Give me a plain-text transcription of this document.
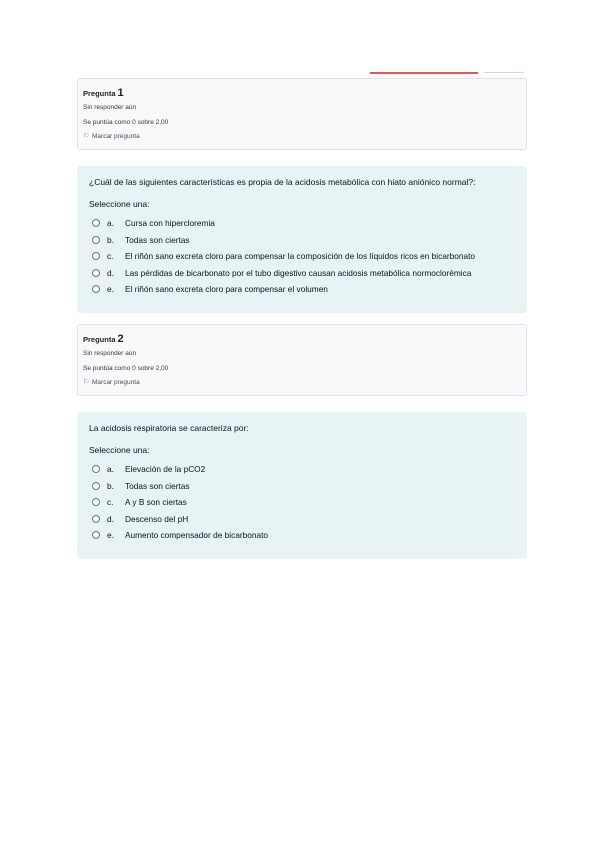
Pregunta 1
Sin responder aún
Se puntúa como 0 sobre 2,00
⚐ Marcar pregunta
¿Cuál de las siguientes características es propia de la acidosis metabólica con hiato aniónico normal?:
Seleccione una:
a.	Cursa con hipercloremia
b.	Todas son ciertas
c.	El riñón sano excreta cloro para compensar la composición de los líquidos ricos en bicarbonato
d.	Las pérdidas de bicarbonato por el tubo digestivo causan acidosis metabólica normoclorémica
e.	El riñón sano excreta cloro para compensar el volumen
Pregunta 2
Sin responder aún
Se puntúa como 0 sobre 2,00
⚐ Marcar pregunta
La acidosis respiratoria se caracteriza por:
Seleccione una:
a.	Elevación de la pCO2
b.	Todas son ciertas
c.	A y B son ciertas
d.	Descenso del pH
e.	Aumento compensador de bicarbonato
